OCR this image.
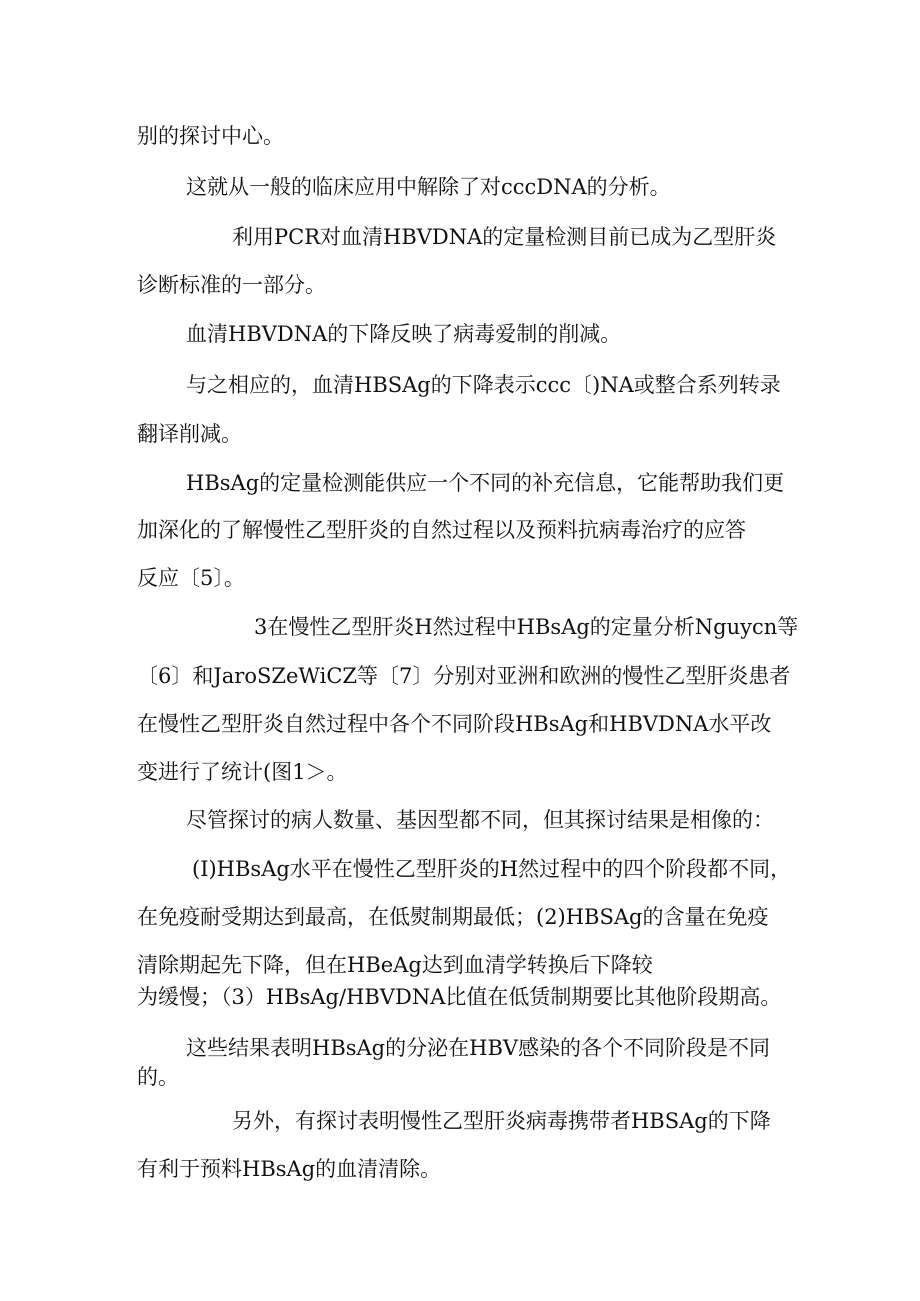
别的探讨中心。
这就从一般的临床应用中解除了对cccDNA的分析。
利用PCR对血清HBVDNA的定量检测目前已成为乙型肝炎
诊断标准的一部分。
血清HBVDNA的下降反映了病毒爱制的削减。
与之相应的，血清HBSAg的下降表示ccc〔)NA或整合系列转录
翻译削减。
HBsAg的定量检测能供应一个不同的补充信息，它能帮助我们更
加深化的了解慢性乙型肝炎的自然过程以及预料抗病毒治疗的应答
反应〔5〕。
3在慢性乙型肝炎H然过程中HBsAg的定量分析Nguycn等
〔6〕和JaroSZeWiCZ等〔7〕分别对亚洲和欧洲的慢性乙型肝炎患者
在慢性乙型肝炎自然过程中各个不同阶段HBsAg和HBVDNA水平改
变进行了统计(图1＞。
尽管探讨的病人数量、基因型都不同，但其探讨结果是相像的：
(I)HBsAg水平在慢性乙型肝炎的H然过程中的四个阶段都不同，
在免疫耐受期达到最高，在低熨制期最低；(2)HBSAg的含量在免疫
清除期起先下降，但在HBeAg达到血清学转换后下降较
为缓慢；（3）HBsAg∕HBVDNA比值在低赁制期要比其他阶段期高。
这些结果表明HBsAg的分泌在HBV感染的各个不同阶段是不同
的。
另外，有探讨表明慢性乙型肝炎病毒携带者HBSAg的下降
有利于预料HBsAg的血清清除。
